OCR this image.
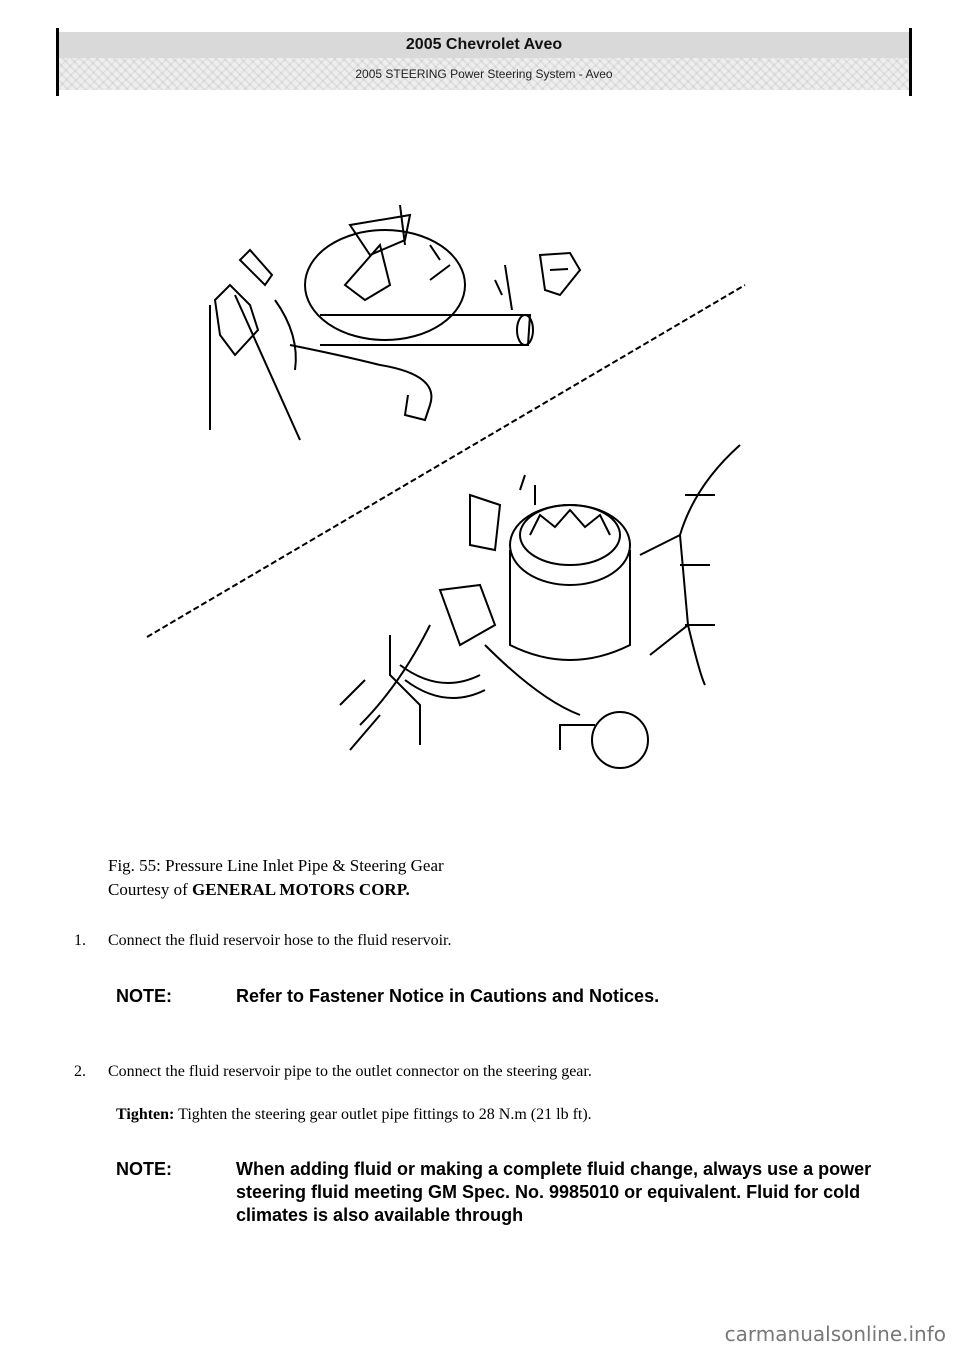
2005 Chevrolet Aveo
2005 STEERING Power Steering System - Aveo
Fig. 55: Pressure Line Inlet Pipe & Steering Gear
Courtesy of GENERAL MOTORS CORP.
1. Connect the fluid reservoir hose to the fluid reservoir.
NOTE:	Refer to Fastener Notice in Cautions and Notices.
2. Connect the fluid reservoir pipe to the outlet connector on the steering gear.
Tighten: Tighten the steering gear outlet pipe fittings to 28 N.m (21 lb ft).
NOTE:	When adding fluid or making a complete fluid change, always use a power steering fluid meeting GM Spec. No. 9985010 or equivalent. Fluid for cold climates is also available through
carmanualsonline.info
